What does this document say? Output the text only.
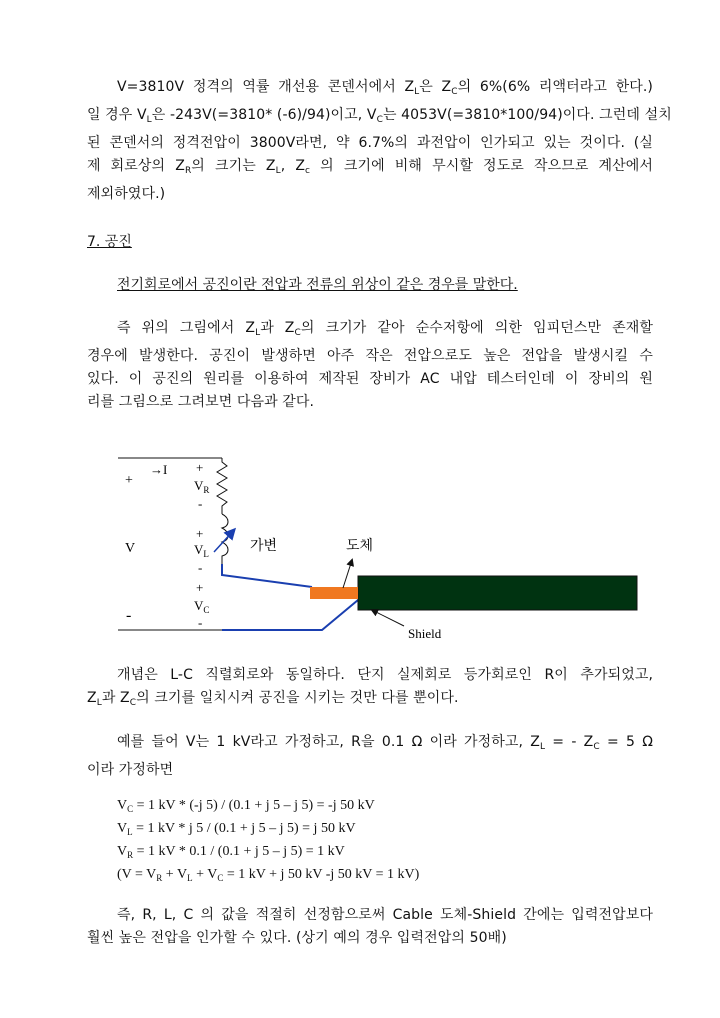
V=3810V 정격의 역률 개선용 콘덴서에서 $Z_L$은 $Z_C$의 6%(6% 리액터라고 한다.)
일 경우 $V_L$은 -243V(=3810* (-6)/94)이고, $V_C$는 4053V(=3810*100/94)이다. 그런데 설치
된 콘덴서의 정격전압이 3800V라면, 약 6.7%의 과전압이 인가되고 있는 것이다. (실
제 회로상의 $Z_R$의 크기는 $Z_L$, $Z_c$ 의 크기에 비해 무시할 정도로 작으므로 계산에서
제외하였다.)
7. 공진
전기회로에서 공진이란 전압과 전류의 위상이 같은 경우를 말한다.
즉 위의 그림에서 $Z_L$과 $Z_C$의 크기가 같아 순수저항에 의한 임피던스만 존재할
경우에 발생한다. 공진이 발생하면 아주 작은 전압으로도 높은 전압을 발생시킬 수
있다. 이 공진의 원리를 이용하여 제작된 장비가 AC 내압 테스터인데 이 장비의 원
리를 그림으로 그려보면 다음과 같다.
+
-
V
→I +
$V_R$
-
+
$V_L$
-
+
$V_C$
-
가변	도체
Shield
개념은 L-C 직렬회로와 동일하다. 단지 실제회로 등가회로인 R이 추가되었고,
$Z_L$과 $Z_C$의 크기를 일치시켜 공진을 시키는 것만 다를 뿐이다.
예를 들어 V는 1 kV라고 가정하고, R을 0.1 Ω 이라 가정하고, $Z_L$ = - $Z_C = 5$ Ω
이라 가정하면
$V_C = 1$ kV * (-j 5) / (0.1 + j 5 – j 5) = -j 50 kV
$V_L = 1$ kV * j 5 / (0.1 + j 5 – j 5) = j 50 kV
$V_R = 1$ kV * 0.1 / (0.1 + j 5 – j 5) = 1 kV
($V = V_R + V_L + V_C = 1$ kV + j 50 kV -j 50 kV = 1 kV)
즉, R, L, C 의 값을 적절히 선정함으로써 Cable 도체-Shield 간에는 입력전압보다
훨씬 높은 전압을 인가할 수 있다. (상기 예의 경우 입력전압의 50배)
